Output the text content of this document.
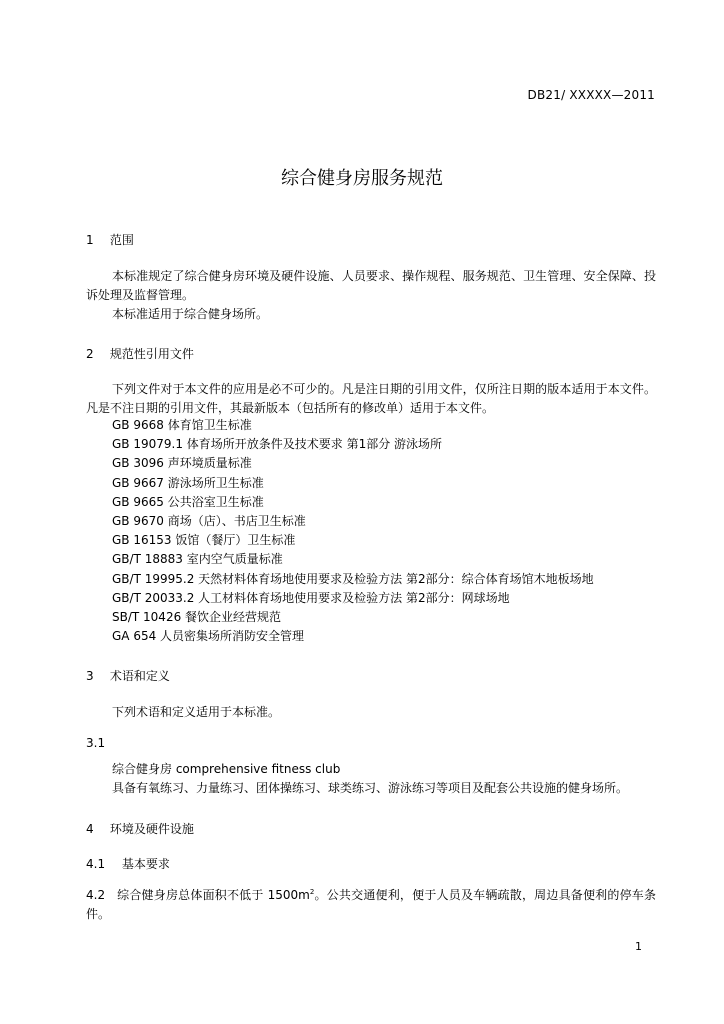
DB21/ XXXXX—2011
综合健身房服务规范
1 范围
本标准规定了综合健身房环境及硬件设施、人员要求、操作规程、服务规范、卫生管理、安全保障、投诉处理及监督管理。
本标准适用于综合健身场所。
2 规范性引用文件
下列文件对于本文件的应用是必不可少的。凡是注日期的引用文件，仅所注日期的版本适用于本文件。凡是不注日期的引用文件，其最新版本（包括所有的修改单）适用于本文件。
GB 9668 体育馆卫生标准
GB 19079.1 体育场所开放条件及技术要求 第1部分 游泳场所
GB 3096 声环境质量标准
GB 9667 游泳场所卫生标准
GB 9665 公共浴室卫生标准
GB 9670 商场（店）、书店卫生标准
GB 16153 饭馆（餐厅）卫生标准
GB/T 18883 室内空气质量标准
GB/T 19995.2 天然材料体育场地使用要求及检验方法 第2部分：综合体育场馆木地板场地
GB/T 20033.2 人工材料体育场地使用要求及检验方法 第2部分：网球场地
SB/T 10426 餐饮企业经营规范
GA 654 人员密集场所消防安全管理
3 术语和定义
下列术语和定义适用于本标准。
3.1
综合健身房 comprehensive fitness club
具备有氧练习、力量练习、团体操练习、球类练习、游泳练习等项目及配套公共设施的健身场所。
4 环境及硬件设施
4.1 基本要求
4.2 综合健身房总体面积不低于 $1500m^2$。公共交通便利，便于人员及车辆疏散，周边具备便利的停车条件。
1
